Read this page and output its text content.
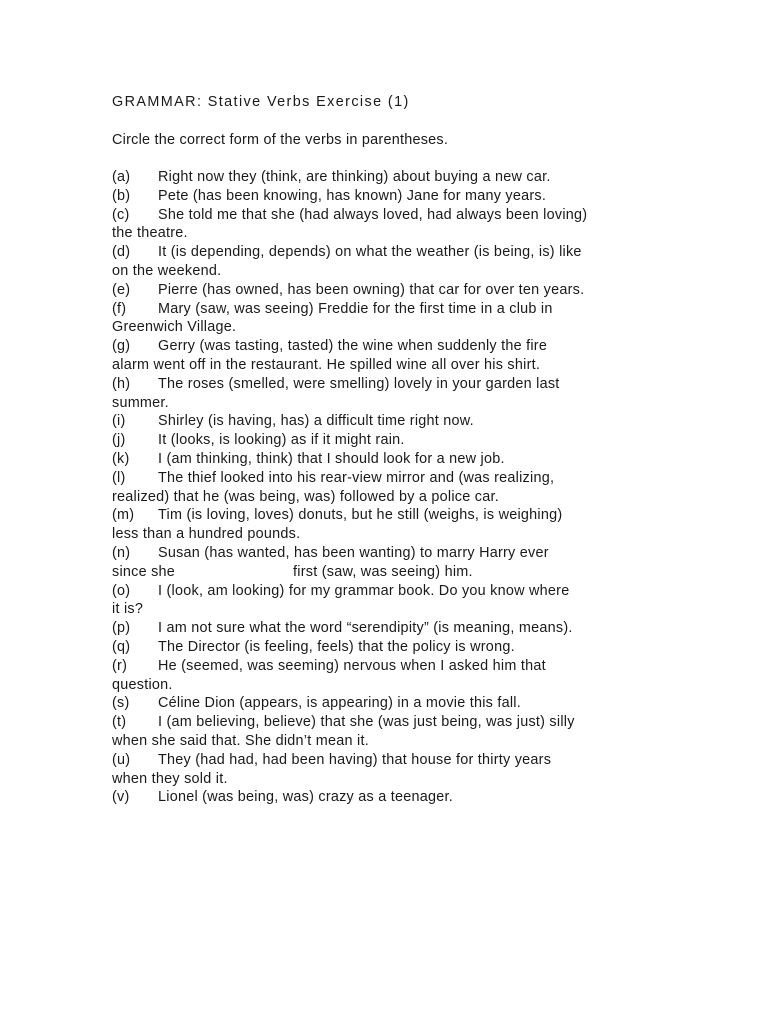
GRAMMAR: Stative Verbs Exercise (1)
Circle the correct form of the verbs in parentheses.
(a) Right now they (think, are thinking) about buying a new car.
(b) Pete (has been knowing, has known) Jane for many years.
(c) She told me that she (had always loved, had always been loving)
the theatre.
(d) It (is depending, depends) on what the weather (is being, is) like
on the weekend.
(e) Pierre (has owned, has been owning) that car for over ten years.
(f) Mary (saw, was seeing) Freddie for the first time in a club in
Greenwich Village.
(g) Gerry (was tasting, tasted) the wine when suddenly the fire
alarm went off in the restaurant. He spilled wine all over his shirt.
(h) The roses (smelled, were smelling) lovely in your garden last
summer.
(i) Shirley (is having, has) a difficult time right now.
(j) It (looks, is looking) as if it might rain.
(k) I (am thinking, think) that I should look for a new job.
(l) The thief looked into his rear-view mirror and (was realizing,
realized) that he (was being, was) followed by a police car.
(m) Tim (is loving, loves) donuts, but he still (weighs, is weighing)
less than a hundred pounds.
(n) Susan (has wanted, has been wanting) to marry Harry ever
since she	first (saw, was seeing) him.
(o) I (look, am looking) for my grammar book. Do you know where
it is?
(p) I am not sure what the word “serendipity” (is meaning, means).
(q) The Director (is feeling, feels) that the policy is wrong.
(r) He (seemed, was seeming) nervous when I asked him that
question.
(s) Céline Dion (appears, is appearing) in a movie this fall.
(t) I (am believing, believe) that she (was just being, was just) silly
when she said that. She didn’t mean it.
(u) They (had had, had been having) that house for thirty years
when they sold it.
(v) Lionel (was being, was) crazy as a teenager.
